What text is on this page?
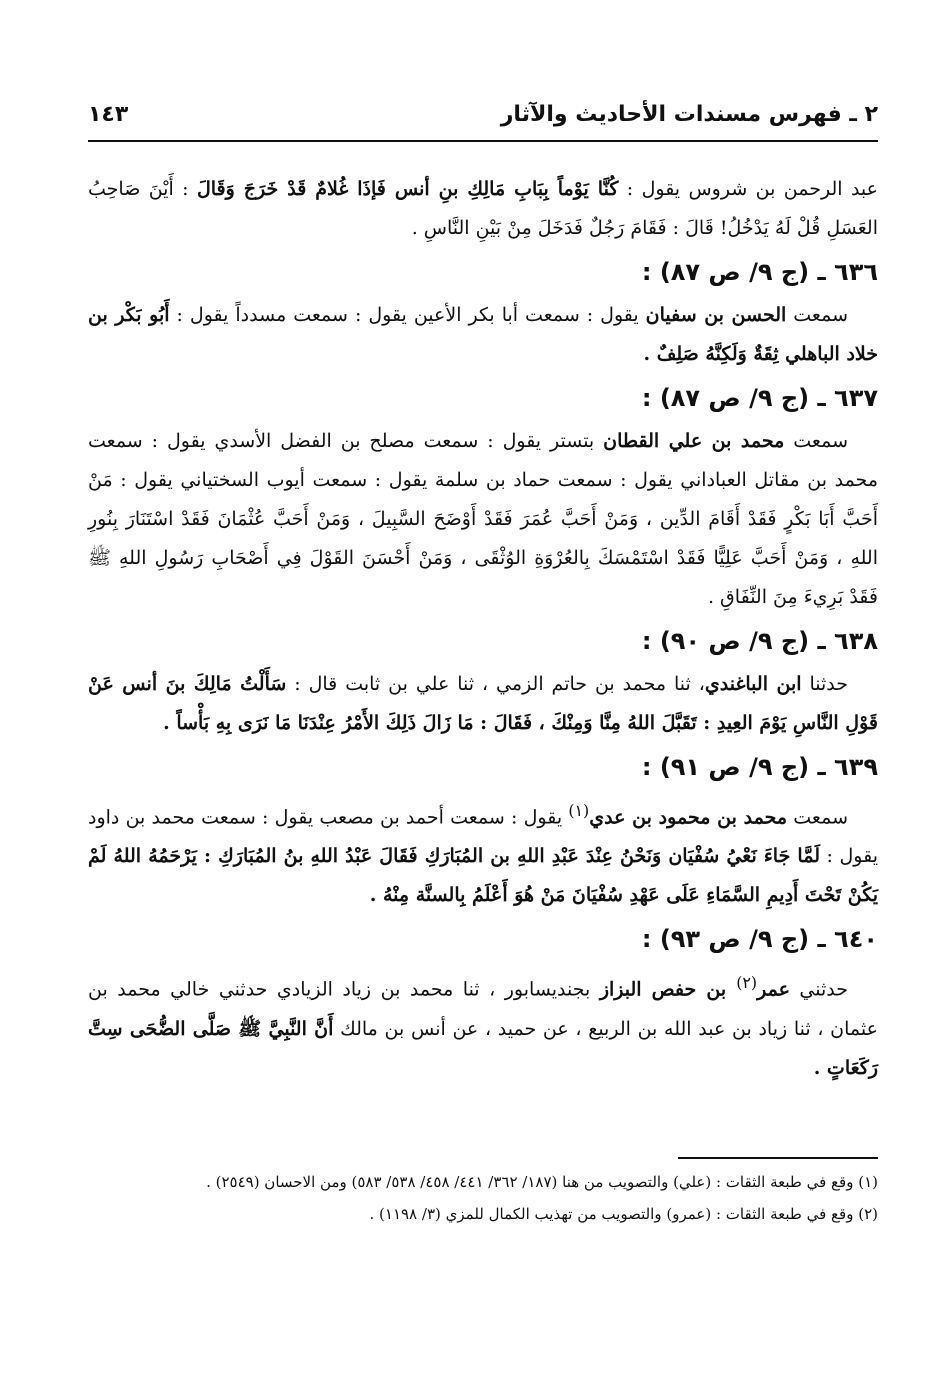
٢ ـ فهرس مسندات الأحاديث والآثار
١٤٣

عبد الرحمن بن شروس يقول : كُنَّا يَوْماً بِبَابِ مَالِكِ بنِ أنس فَإذَا غُلامٌ قَدْ خَرَجَ وَقَالَ : أَيْنَ صَاحِبُ العَسَلِ قُلْ لَهُ يَدْخُلُ! قَالَ : فَقَامَ رَجُلٌ فَدَخَلَ مِنْ بَيْنِ النَّاسِ .

٦٣٦ ـ (ج ٩/ ص ٨٧) :

سمعت الحسن بن سفيان يقول : سمعت أبا بكر الأعين يقول : سمعت مسدداً يقول : أَبُو بَكْر بن خلاد الباهلي ثِقَةٌ وَلَكِنَّهُ صَلِفٌ .

٦٣٧ ـ (ج ٩/ ص ٨٧) :

سمعت محمد بن علي القطان بتستر يقول : سمعت مصلح بن الفضل الأسدي يقول : سمعت محمد بن مقاتل العباداني يقول : سمعت حماد بن سلمة يقول : سمعت أيوب السختياني يقول : مَنْ أَحَبَّ أَبَا بَكْرٍ فَقَدْ أَقَامَ الدِّين ، وَمَنْ أَحَبَّ عُمَرَ فَقَدْ أَوْضَحَ السَّبِيلَ ، وَمَنْ أَحَبَّ عُثْمَانَ فَقَدْ اسْتَنَارَ بِنُورِ اللهِ ، وَمَنْ أَحَبَّ عَلِيًّا فَقَدْ اسْتَمْسَكَ بِالعُرْوَةِ الوُثْقَى ، وَمَنْ أَحْسَنَ القَوْلَ فِي أَصْحَابِ رَسُولِ اللهِ ﷺ فَقَدْ بَرِيءَ مِنَ النِّفَاقِ .

٦٣٨ ـ (ج ٩/ ص ٩٠) :

حدثنا ابن الباغندي، ثنا محمد بن حاتم الزمي ، ثنا علي بن ثابت قال : سَأَلْتُ مَالِكَ بنَ أنس عَنْ قَوْلِ النَّاسِ يَوْمَ العِيدِ : تَقَبَّلَ اللهُ مِنَّا وَمِنْكَ ، فَقَالَ : مَا زَالَ ذَلِكَ الأَمْرُ عِنْدَنَا مَا نَرَى بِهِ بَأْساً .

٦٣٩ ـ (ج ٩/ ص ٩١) :

سمعت محمد بن محمود بن عدي$^{(١)}$ يقول : سمعت أحمد بن مصعب يقول : سمعت محمد بن داود يقول : لَمَّا جَاءَ نَعْيُ سُفْيَان وَنَحْنُ عِنْدَ عَبْدِ اللهِ بن المُبَارَكِ فَقَالَ عَبْدُ اللهِ بنُ المُبَارَكِ : يَرْحَمُهُ اللهُ لَمْ يَكُنْ تَحْتَ أَدِيمِ السَّمَاءِ عَلَى عَهْدِ سُفْيَانَ مَنْ هُوَ أَعْلَمُ بِالسنَّة مِنْهُ .

٦٤٠ ـ (ج ٩/ ص ٩٣) :

حدثني عمر$^{(٢)}$ بن حفص البزاز بجنديسابور ، ثنا محمد بن زياد الزيادي حدثني خالي محمد بن عثمان ، ثنا زياد بن عبد الله بن الربيع ، عن حميد ، عن أنس بن مالك أَنَّ النَّبِيَّ ﷺ صَلَّى الضُّحَى سِتَّ رَكَعَاتٍ .

(١) وقع في طبعة الثقات : (علي) والتصويب من هنا (١٨٧/ ٣٦٢/ ٤٤١/ ٤٥٨/ ٥٣٨/ ٥٨٣) ومن الاحسان (٢٥٤٩) .

(٢) وقع في طبعة الثقات : (عمرو) والتصويب من تهذيب الكمال للمزي (٣/ ١١٩٨) .
